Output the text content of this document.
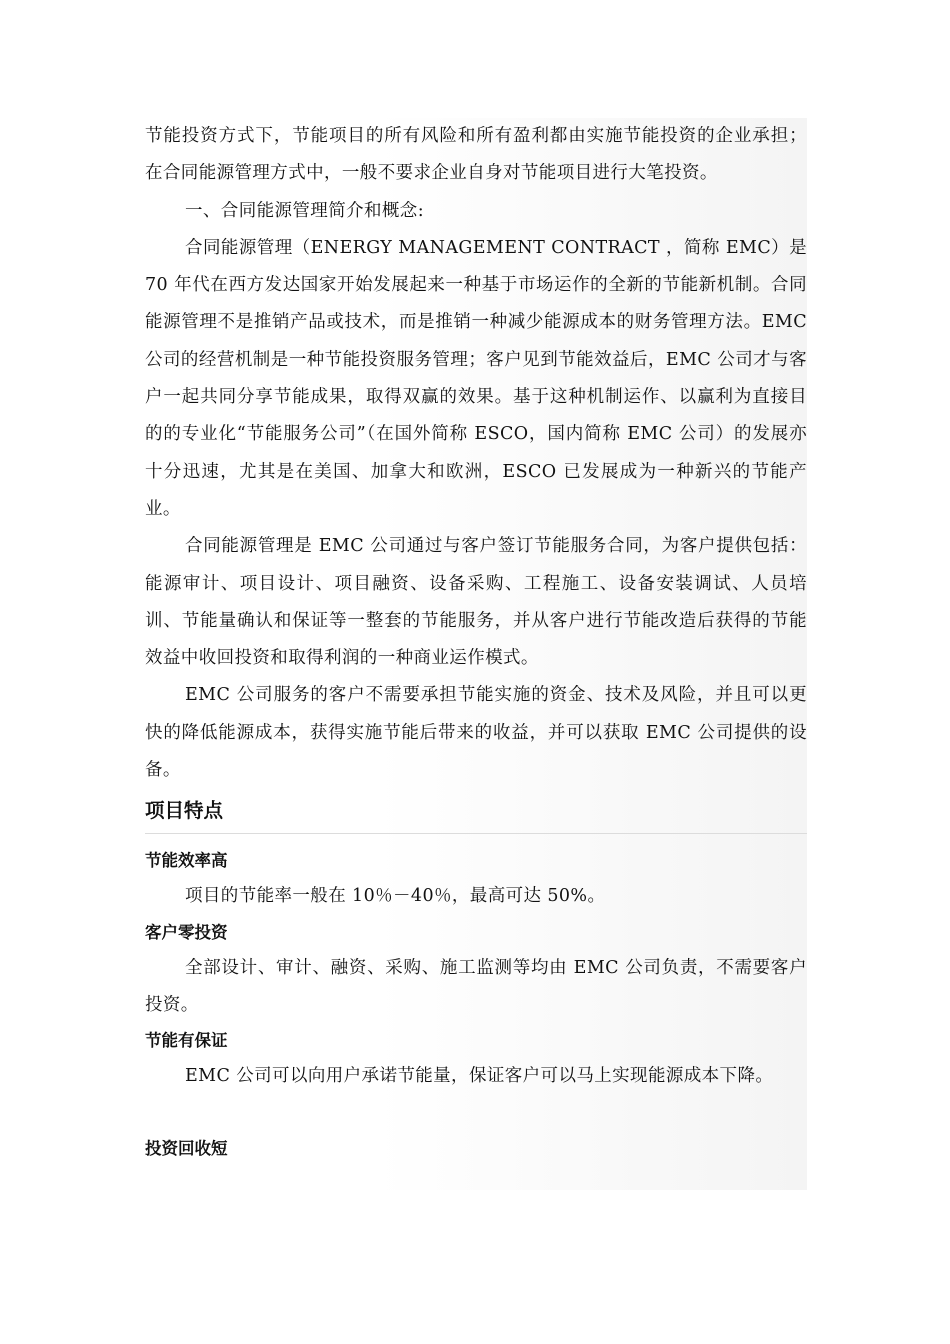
节能投资方式下，节能项目的所有风险和所有盈利都由实施节能投资的企业承担；在合同能源管理方式中，一般不要求企业自身对节能项目进行大笔投资。

一、合同能源管理简介和概念:

合同能源管理（ENERGY MANAGEMENT CONTRACT ，简称 EMC）是 70 年代在西方发达国家开始发展起来一种基于市场运作的全新的节能新机制。合同能源管理不是推销产品或技术，而是推销一种减少能源成本的财务管理方法。EMC 公司的经营机制是一种节能投资服务管理；客户见到节能效益后，EMC 公司才与客户一起共同分享节能成果，取得双赢的效果。基于这种机制运作、以赢利为直接目的的专业化“节能服务公司”（在国外简称 ESCO，国内简称 EMC 公司）的发展亦十分迅速，尤其是在美国、加拿大和欧洲，ESCO 已发展成为一种新兴的节能产业。

合同能源管理是 EMC 公司通过与客户签订节能服务合同，为客户提供包括：能源审计、项目设计、项目融资、设备采购、工程施工、设备安装调试、人员培训、节能量确认和保证等一整套的节能服务，并从客户进行节能改造后获得的节能效益中收回投资和取得利润的一种商业运作模式。

EMC 公司服务的客户不需要承担节能实施的资金、技术及风险，并且可以更快的降低能源成本，获得实施节能后带来的收益，并可以获取 EMC 公司提供的设备。

项目特点
节能效率高

项目的节能率一般在 10％－40％，最高可达 50%。

客户零投资

全部设计、审计、融资、采购、施工监测等均由 EMC 公司负责，不需要客户投资。

节能有保证

EMC 公司可以向用户承诺节能量，保证客户可以马上实现能源成本下降。

投资回收短
